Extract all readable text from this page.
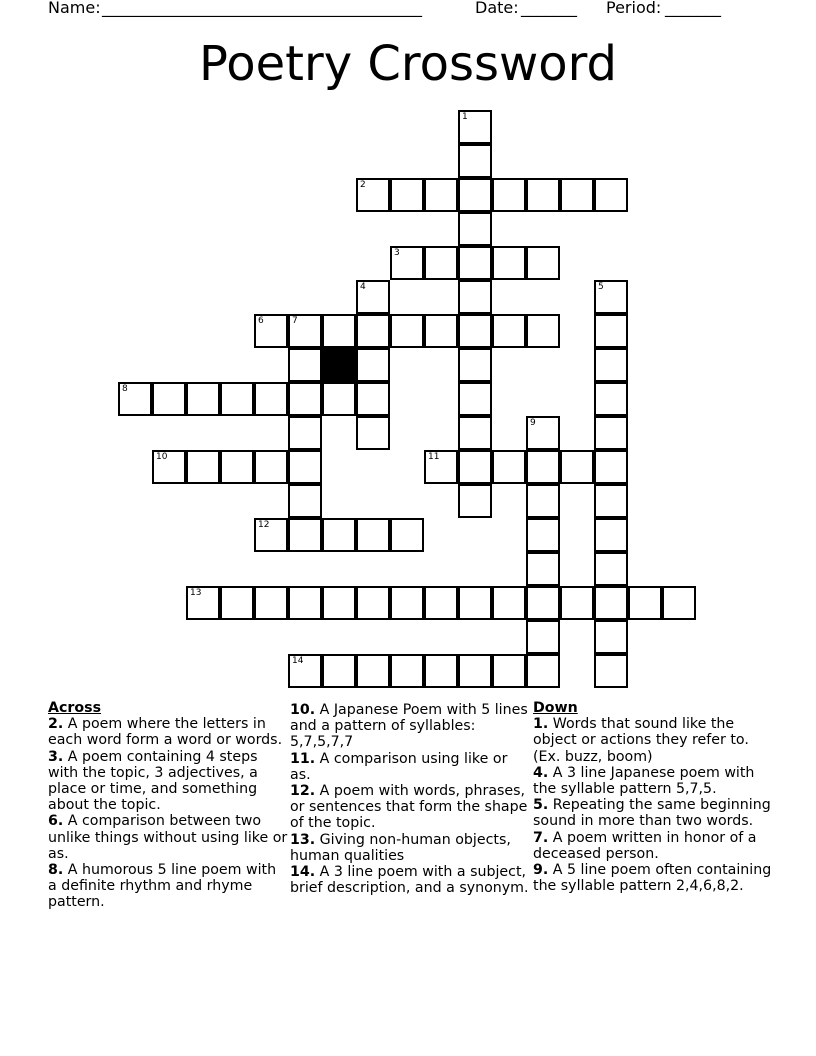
Name: ________________________________________	Date: _______ Period: _______
Poetry Crossword
1
2
3
4	5
6	7
8
9
10	11
12
13
14
Across
2. A poem where the letters in each word form a word or words.
3. A poem containing 4 steps with the topic, 3 adjectives, a place or time, and something about the topic.
6. A comparison between two unlike things without using like or as.
8. A humorous 5 line poem with a definite rhythm and rhyme pattern.
10. A Japanese Poem with 5 lines and a pattern of syllables: 5,7,5,7,7
11. A comparison using like or as.
12. A poem with words, phrases, or sentences that form the shape of the topic.
13. Giving non-human objects, human qualities
14. A 3 line poem with a subject, brief description, and a synonym.
Down
1. Words that sound like the object or actions they refer to. (Ex. buzz, boom)
4. A 3 line Japanese poem with the syllable pattern 5,7,5.
5. Repeating the same beginning sound in more than two words.
7. A poem written in honor of a deceased person.
9. A 5 line poem often containing the syllable pattern 2,4,6,8,2.
